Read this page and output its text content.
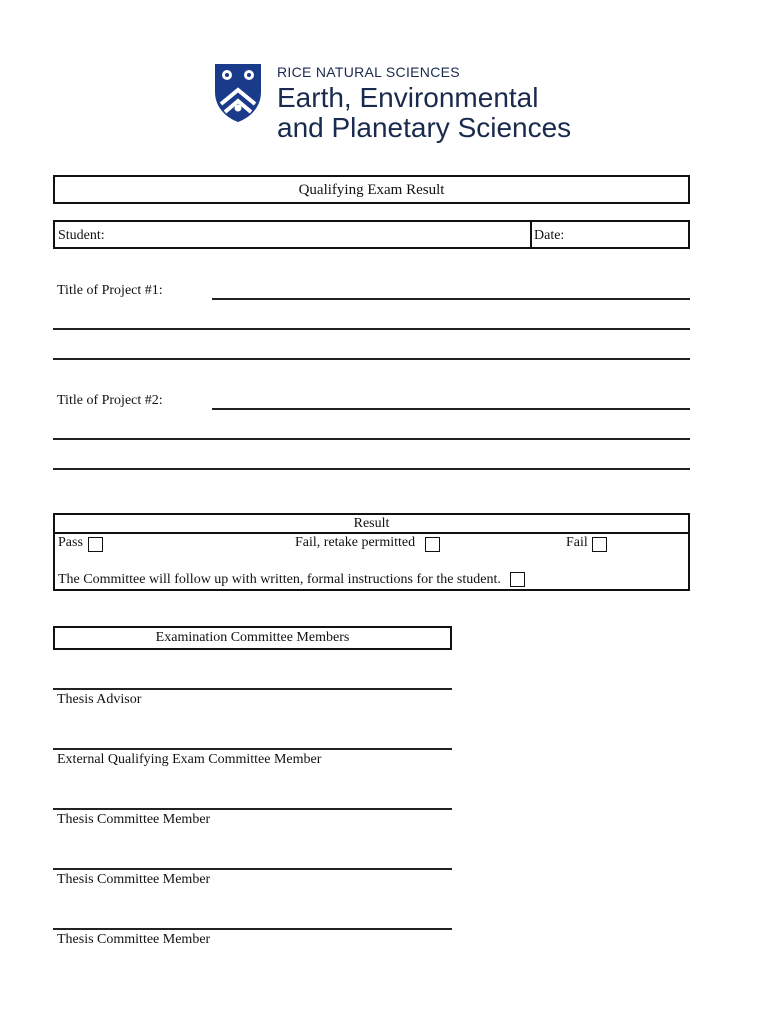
RICE NATURAL SCIENCES
Earth, Environmental
and Planetary Sciences
Qualifying Exam Result
Student:	Date:
Title of Project #1:
Title of Project #2:
Result
Pass	Fail, retake permitted	Fail
The Committee will follow up with written, formal instructions for the student.
Examination Committee Members
Thesis Advisor
External Qualifying Exam Committee Member
Thesis Committee Member
Thesis Committee Member
Thesis Committee Member
